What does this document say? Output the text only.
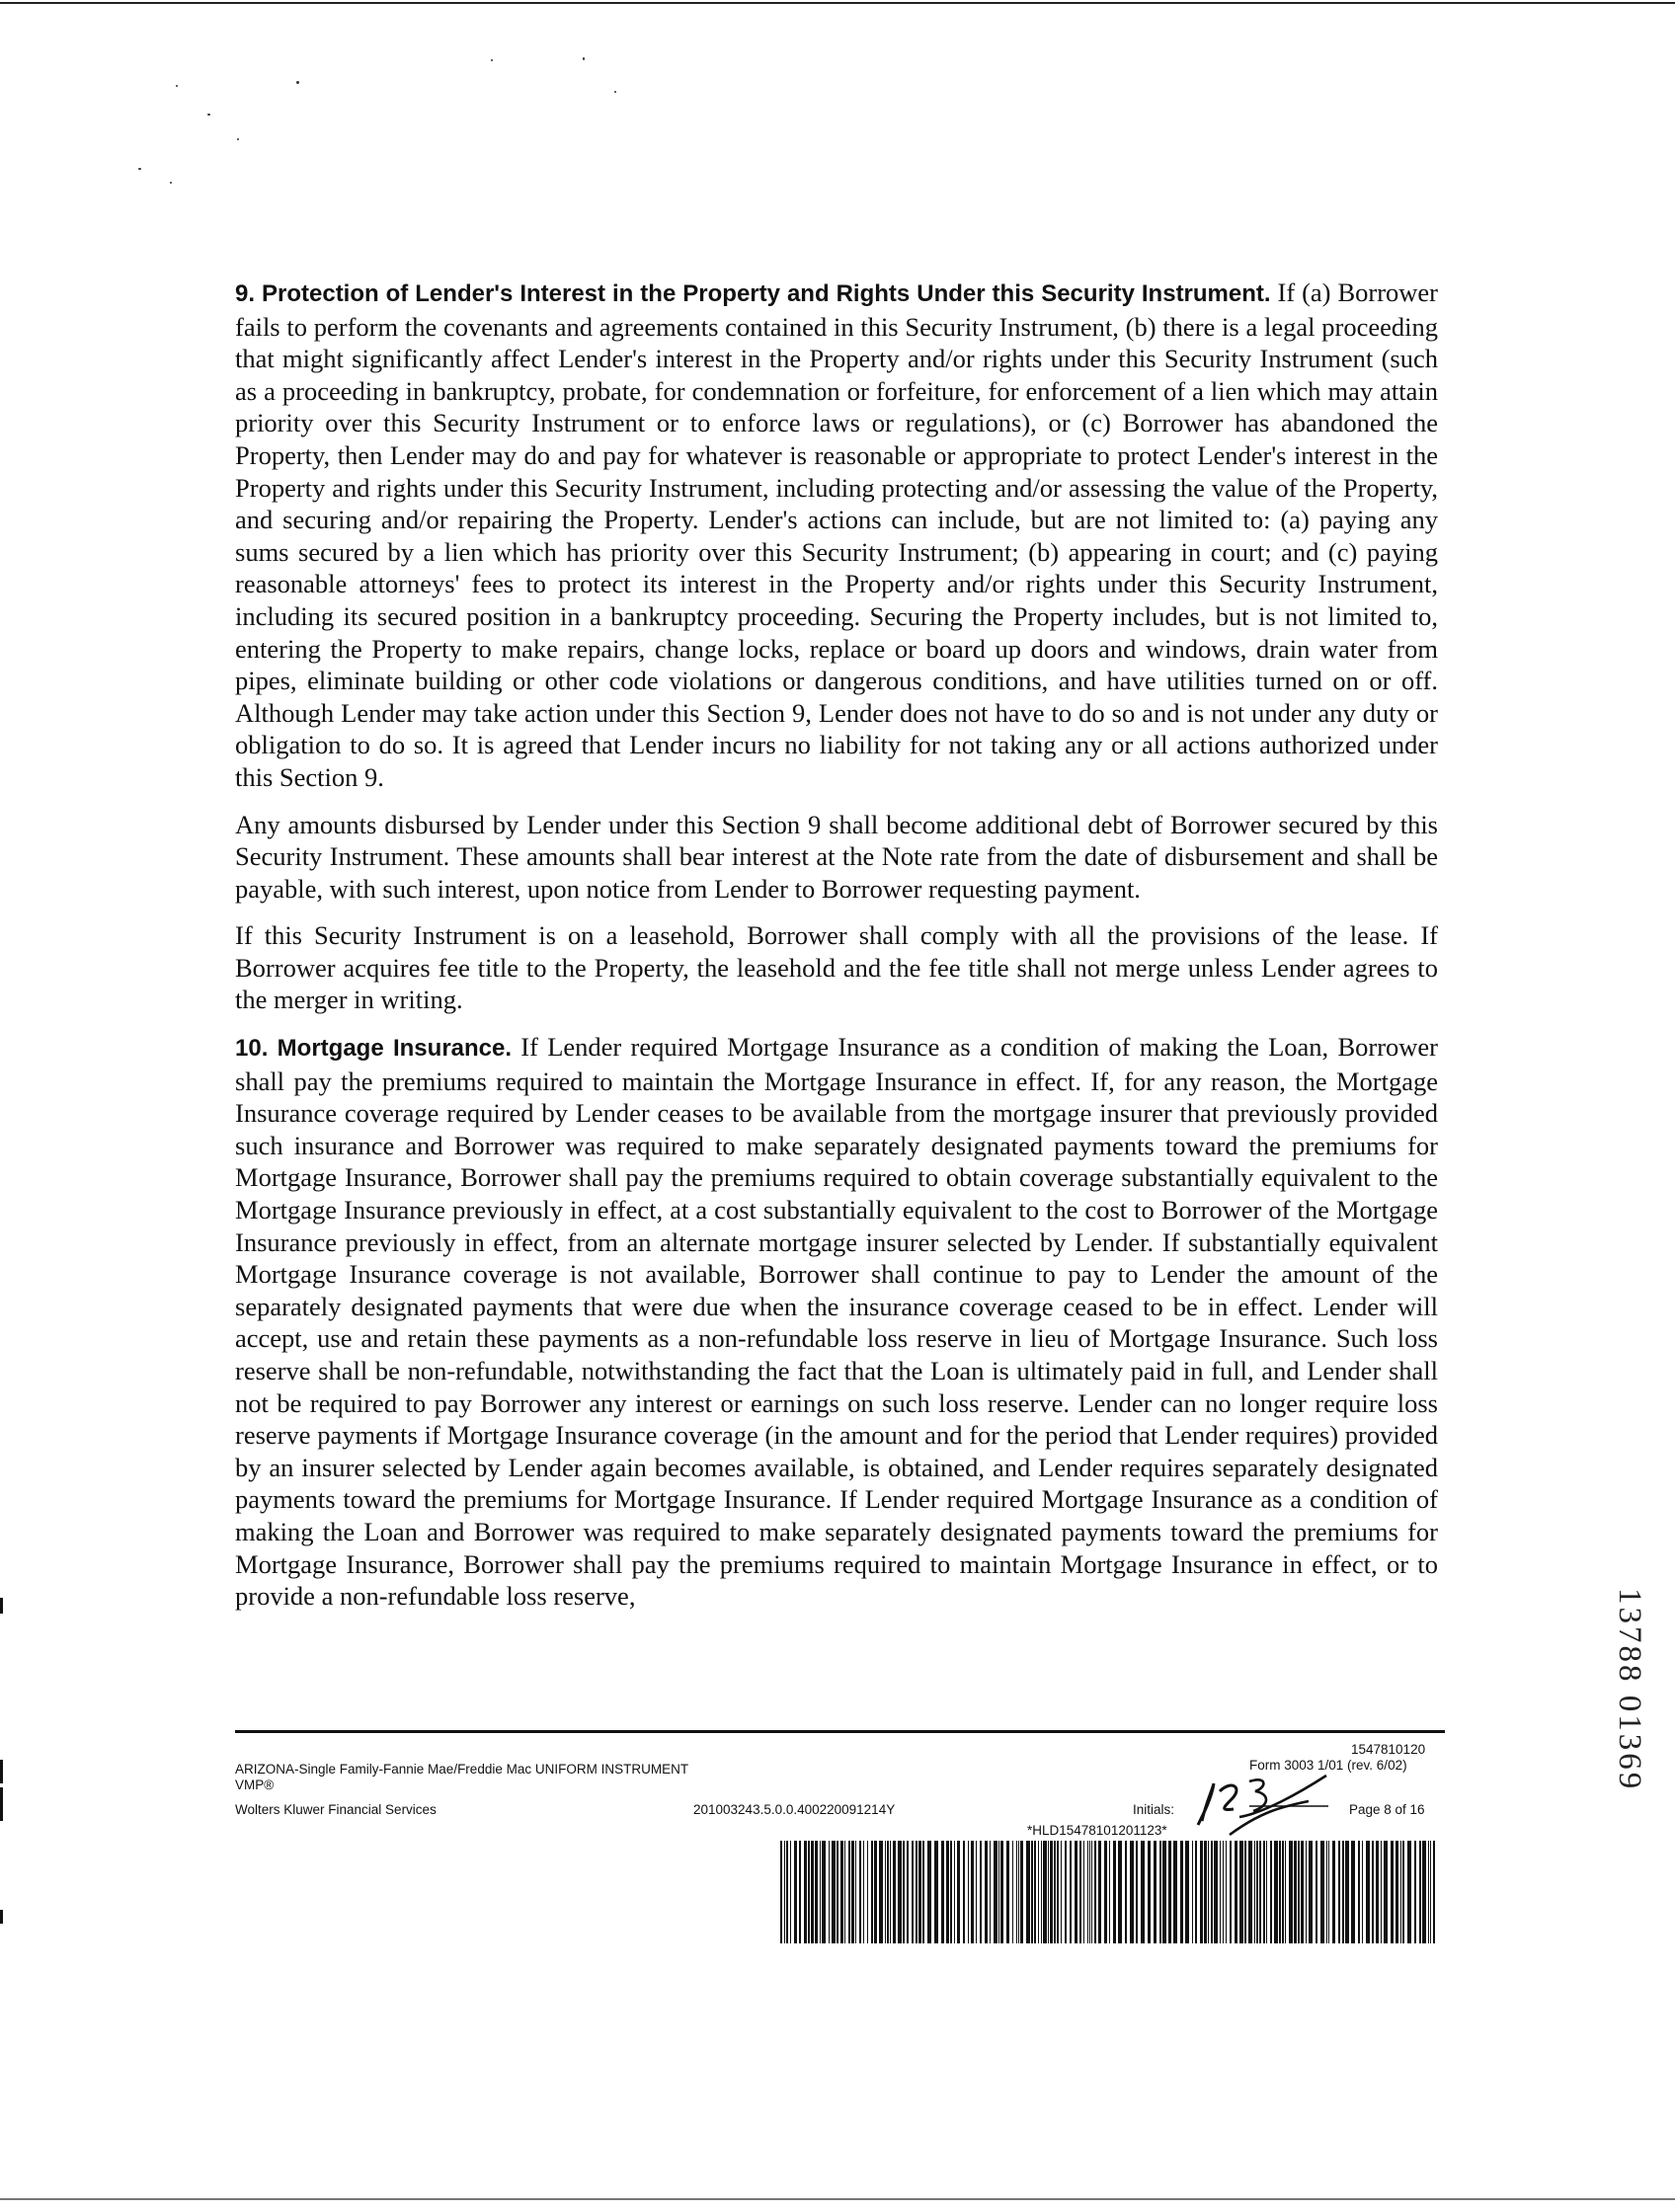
9. Protection of Lender's Interest in the Property and Rights Under this Security Instrument. If (a) Borrower fails to perform the covenants and agreements contained in this Security Instrument, (b) there is a legal proceeding that might significantly affect Lender's interest in the Property and/or rights under this Security Instrument (such as a proceeding in bankruptcy, probate, for condemnation or forfeiture, for enforcement of a lien which may attain priority over this Security Instrument or to enforce laws or regulations), or (c) Borrower has abandoned the Property, then Lender may do and pay for whatever is reasonable or appropriate to protect Lender's interest in the Property and rights under this Security Instrument, including protecting and/or assessing the value of the Property, and securing and/or repairing the Property. Lender's actions can include, but are not limited to: (a) paying any sums secured by a lien which has priority over this Security Instrument; (b) appearing in court; and (c) paying reasonable attorneys' fees to protect its interest in the Property and/or rights under this Security Instrument, including its secured position in a bankruptcy proceeding. Securing the Property includes, but is not limited to, entering the Property to make repairs, change locks, replace or board up doors and windows, drain water from pipes, eliminate building or other code violations or dangerous conditions, and have utilities turned on or off. Although Lender may take action under this Section 9, Lender does not have to do so and is not under any duty or obligation to do so. It is agreed that Lender incurs no liability for not taking any or all actions authorized under this Section 9.

Any amounts disbursed by Lender under this Section 9 shall become additional debt of Borrower secured by this Security Instrument. These amounts shall bear interest at the Note rate from the date of disbursement and shall be payable, with such interest, upon notice from Lender to Borrower requesting payment.

If this Security Instrument is on a leasehold, Borrower shall comply with all the provisions of the lease. If Borrower acquires fee title to the Property, the leasehold and the fee title shall not merge unless Lender agrees to the merger in writing.

10. Mortgage Insurance. If Lender required Mortgage Insurance as a condition of making the Loan, Borrower shall pay the premiums required to maintain the Mortgage Insurance in effect. If, for any reason, the Mortgage Insurance coverage required by Lender ceases to be available from the mortgage insurer that previously provided such insurance and Borrower was required to make separately designated payments toward the premiums for Mortgage Insurance, Borrower shall pay the premiums required to obtain coverage substantially equivalent to the Mortgage Insurance previously in effect, at a cost substantially equivalent to the cost to Borrower of the Mortgage Insurance previously in effect, from an alternate mortgage insurer selected by Lender. If substantially equivalent Mortgage Insurance coverage is not available, Borrower shall continue to pay to Lender the amount of the separately designated payments that were due when the insurance coverage ceased to be in effect. Lender will accept, use and retain these payments as a non-refundable loss reserve in lieu of Mortgage Insurance. Such loss reserve shall be non-refundable, notwithstanding the fact that the Loan is ultimately paid in full, and Lender shall not be required to pay Borrower any interest or earnings on such loss reserve. Lender can no longer require loss reserve payments if Mortgage Insurance coverage (in the amount and for the period that Lender requires) provided by an insurer selected by Lender again becomes available, is obtained, and Lender requires separately designated payments toward the premiums for Mortgage Insurance. If Lender required Mortgage Insurance as a condition of making the Loan and Borrower was required to make separately designated payments toward the premiums for Mortgage Insurance, Borrower shall pay the premiums required to maintain Mortgage Insurance in effect, or to provide a non-refundable loss reserve,

ARIZONA-Single Family-Fannie Mae/Freddie Mac UNIFORM INSTRUMENT
VMP®
Wolters Kluwer Financial Services	201003243.5.0.0.400220091214Y
1547810120
Form 3003 1/01 (rev. 6/02)
Initials:	Page 8 of 16
*HLD15478101201123*
13788 01369
